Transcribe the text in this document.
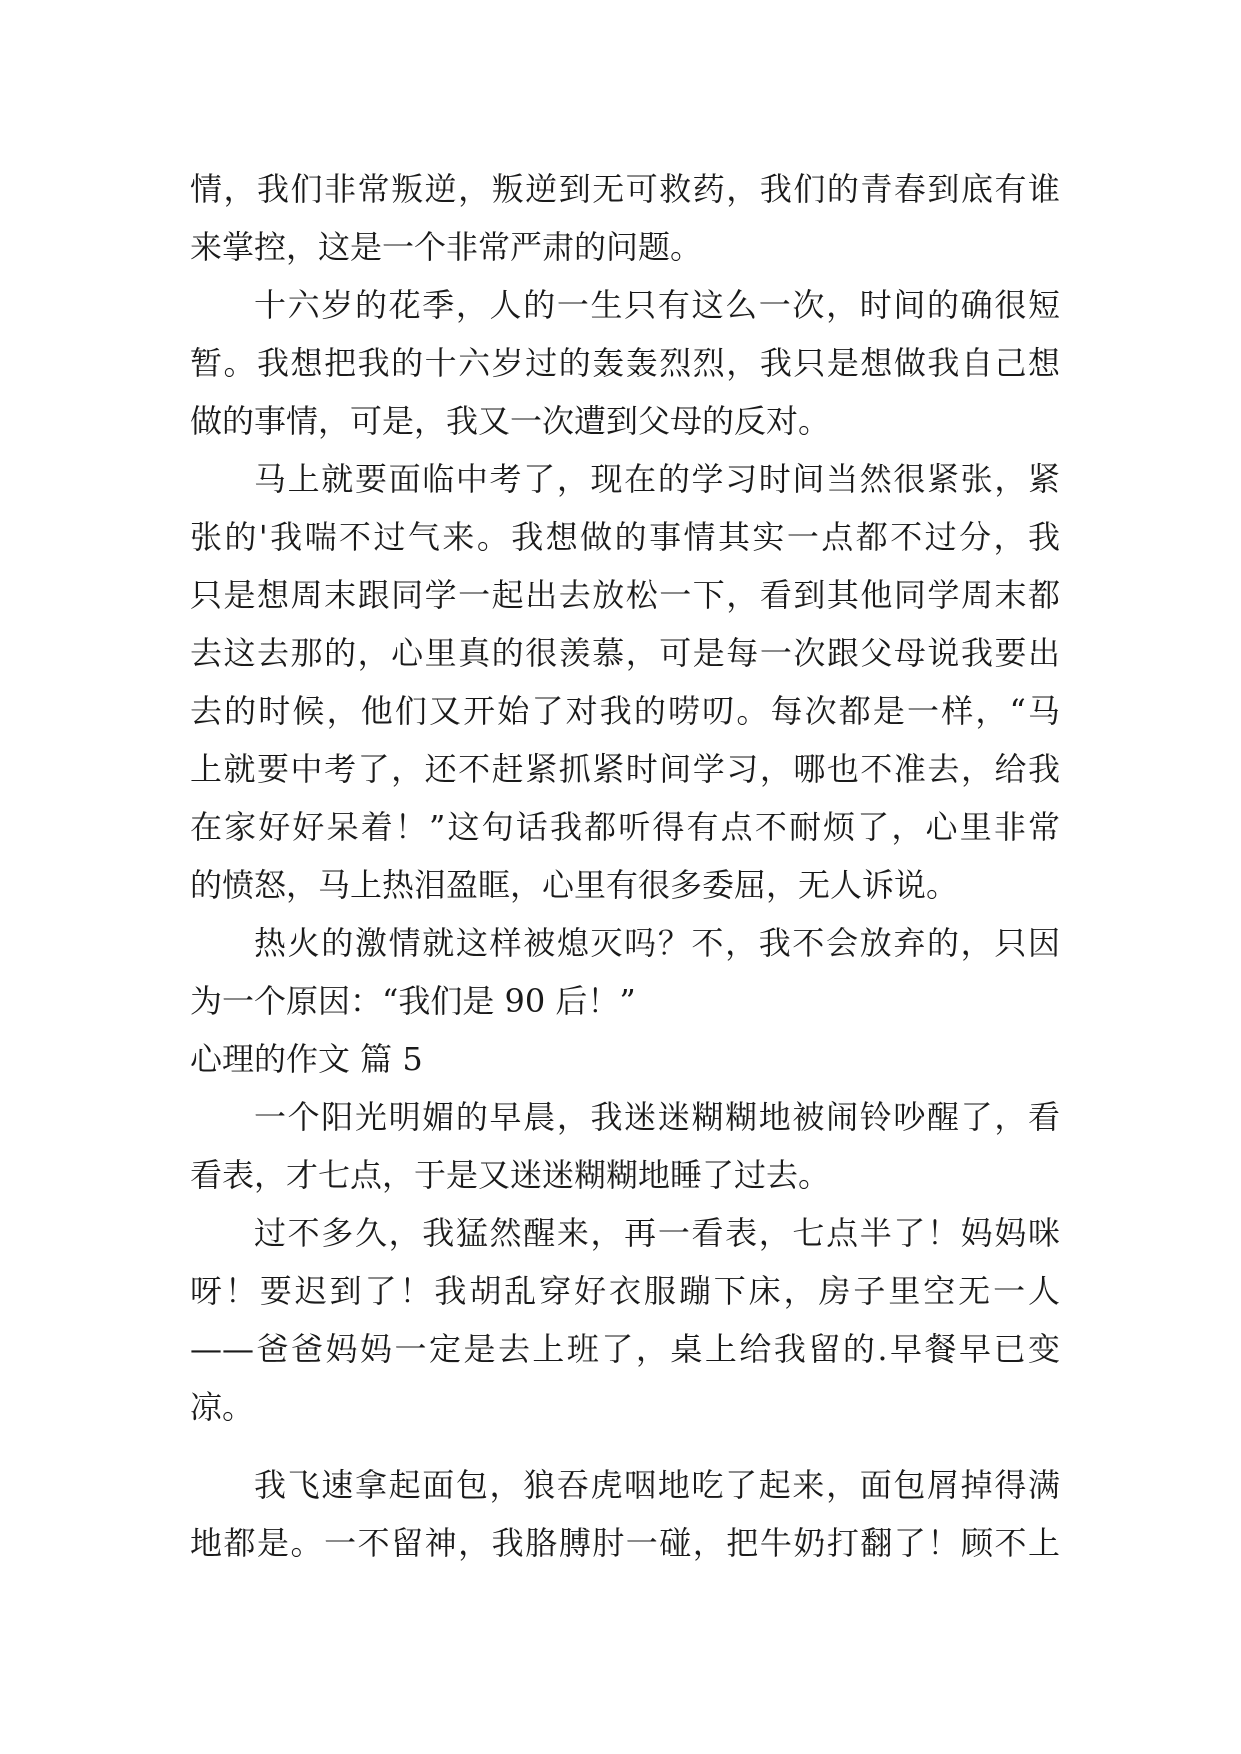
情，我们非常叛逆，叛逆到无可救药，我们的青春到底有谁
来掌控，这是一个非常严肃的问题。
十六岁的花季，人的一生只有这么一次，时间的确很短
暂。我想把我的十六岁过的轰轰烈烈，我只是想做我自己想
做的事情，可是，我又一次遭到父母的反对。
马上就要面临中考了，现在的学习时间当然很紧张，紧
张的'我喘不过气来。我想做的事情其实一点都不过分，我
只是想周末跟同学一起出去放松一下，看到其他同学周末都
去这去那的，心里真的很羡慕，可是每一次跟父母说我要出
去的时候，他们又开始了对我的唠叨。每次都是一样，“马
上就要中考了，还不赶紧抓紧时间学习，哪也不准去，给我
在家好好呆着！”这句话我都听得有点不耐烦了，心里非常
的愤怒，马上热泪盈眶，心里有很多委屈，无人诉说。
热火的激情就这样被熄灭吗？不，我不会放弃的，只因
为一个原因：“我们是 90 后！”
心理的作文 篇 5
一个阳光明媚的早晨，我迷迷糊糊地被闹铃吵醒了，看
看表，才七点，于是又迷迷糊糊地睡了过去。
过不多久，我猛然醒来，再一看表，七点半了！妈妈咪
呀！要迟到了！我胡乱穿好衣服蹦下床，房子里空无一人
——爸爸妈妈一定是去上班了，桌上给我留的.早餐早已变
凉。
我飞速拿起面包，狼吞虎咽地吃了起来，面包屑掉得满
地都是。一不留神，我胳膊肘一碰，把牛奶打翻了！顾不上
